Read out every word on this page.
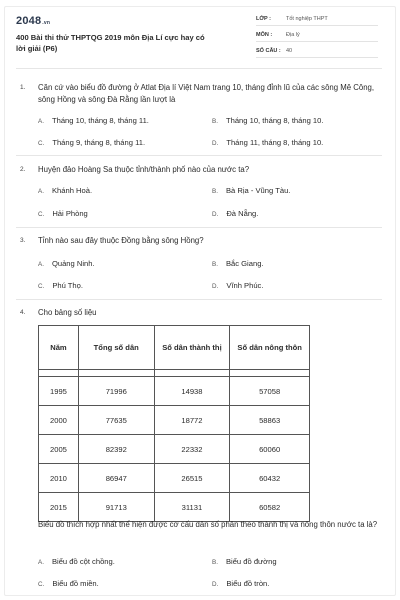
2048.vn
400 Bài thi thử THPTQG 2019 môn Địa Lí cực hay có lời giải (P6)
LỚP :	Tốt nghiệp THPT
MÔN :	Địa lý
SỐ CÂU : 40
1. Căn cứ vào biểu đồ đường ở Atlat Địa lí Việt Nam trang 10, tháng đỉnh lũ của các sông Mê Công, sông Hồng và sông Đà Rằng lần lượt là
A. Tháng 10, tháng 8, tháng 11.	B. Tháng 10, tháng 8, tháng 10.
C. Tháng 9, tháng 8, tháng 11.	D. Tháng 11, tháng 8, tháng 10.
2. Huyện đảo Hoàng Sa thuộc tỉnh/thành phố nào của nước ta?
A. Khánh Hoà.	B. Bà Rịa - Vũng Tàu.
C. Hải Phòng	D. Đà Nẵng.
3. Tỉnh nào sau đây thuộc Đồng bằng sông Hồng?
A. Quảng Ninh.	B. Bắc Giang.
C. Phú Thọ.	D. Vĩnh Phúc.
4. Cho bảng số liệu
Năm	Tổng số dân	Số dân thành thị	Số dân nông thôn

1995	71996	14938	57058
2000	77635	18772	58863
2005	82392	22332	60060
2010	86947	26515	60432
2015	91713	31131	60582
Biểu đồ thích hợp nhất thể hiện được cơ cấu dân số phân theo thành thị và nông thôn nước ta là?
A. Biểu đồ cột chồng.	B. Biểu đồ đường
C. Biểu đồ miền.	D. Biểu đồ tròn.
